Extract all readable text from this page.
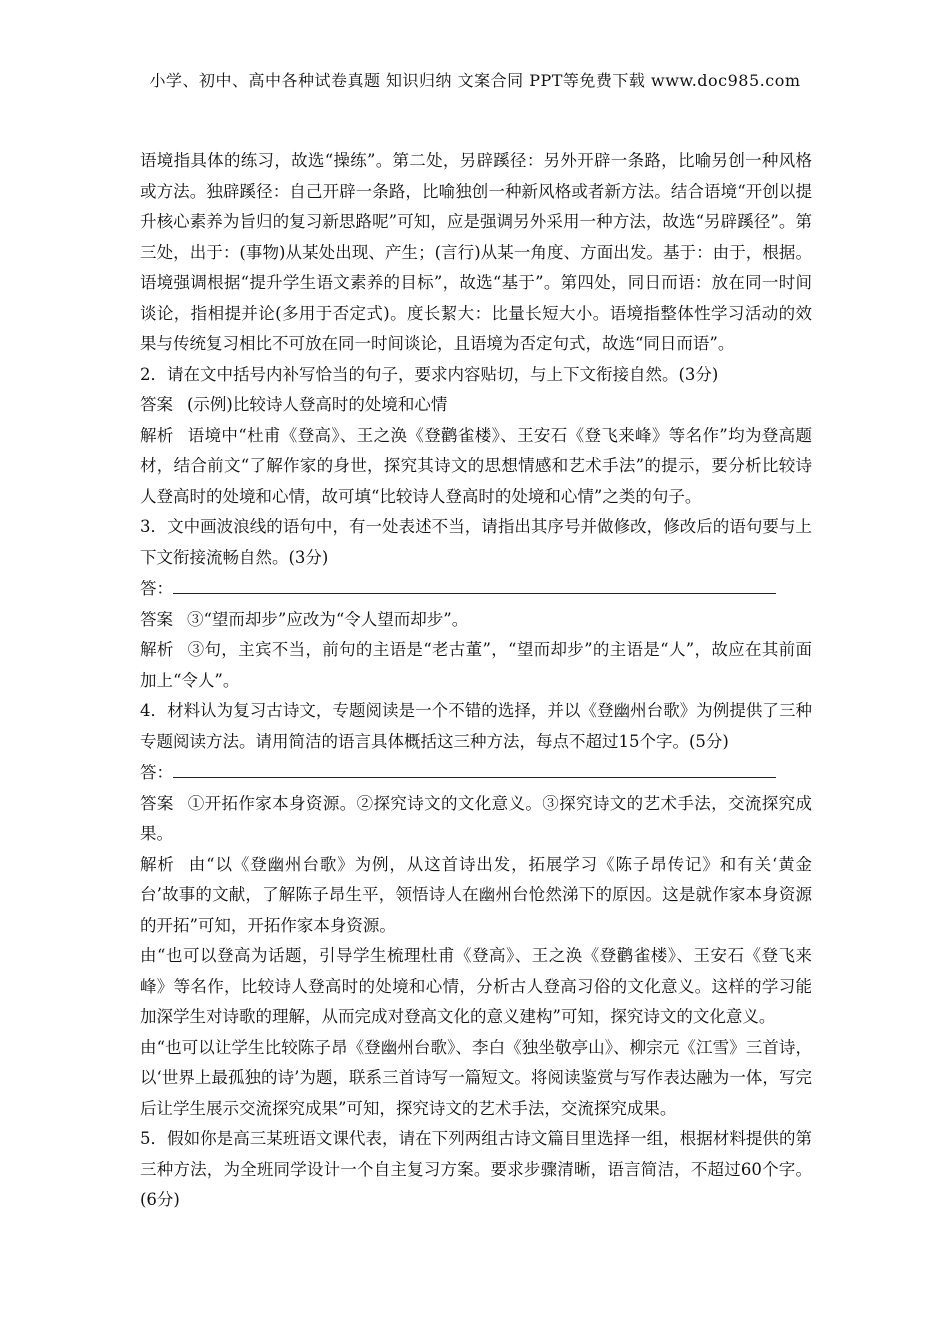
小学、初中、高中各种试卷真题 知识归纳 文案合同 PPT等免费下载 www.doc985.com

语境指具体的练习，故选“操练”。第二处，另辟蹊径：另外开辟一条路，比喻另创一种风格或方法。独辟蹊径：自己开辟一条路，比喻独创一种新风格或者新方法。结合语境“开创以提升核心素养为旨归的复习新思路呢”可知，应是强调另外采用一种方法，故选“另辟蹊径”。第三处，出于：(事物)从某处出现、产生；(言行)从某一角度、方面出发。基于：由于，根据。语境强调根据“提升学生语文素养的目标”，故选“基于”。第四处，同日而语：放在同一时间谈论，指相提并论(多用于否定式)。度长絜大：比量长短大小。语境指整体性学习活动的效果与传统复习相比不可放在同一时间谈论，且语境为否定句式，故选“同日而语”。

2．请在文中括号内补写恰当的句子，要求内容贴切，与上下文衔接自然。(3分)

答案 (示例)比较诗人登高时的处境和心情

解析 语境中“杜甫《登高》、王之涣《登鹳雀楼》、王安石《登飞来峰》等名作”均为登高题材，结合前文“了解作家的身世，探究其诗文的思想情感和艺术手法”的提示，要分析比较诗人登高时的处境和心情，故可填“比较诗人登高时的处境和心情”之类的句子。

3．文中画波浪线的语句中，有一处表述不当，请指出其序号并做修改，修改后的语句要与上下文衔接流畅自然。(3分)

答：

答案 ③“望而却步”应改为“令人望而却步”。

解析 ③句，主宾不当，前句的主语是“老古董”，“望而却步”的主语是“人”，故应在其前面加上“令人”。

4．材料认为复习古诗文，专题阅读是一个不错的选择，并以《登幽州台歌》为例提供了三种专题阅读方法。请用简洁的语言具体概括这三种方法，每点不超过15个字。(5分)

答：

答案 ①开拓作家本身资源。②探究诗文的文化意义。③探究诗文的艺术手法，交流探究成果。

解析 由“以《登幽州台歌》为例，从这首诗出发，拓展学习《陈子昂传记》和有关‘黄金台’故事的文献，了解陈子昂生平，领悟诗人在幽州台怆然涕下的原因。这是就作家本身资源的开拓”可知，开拓作家本身资源。

由“也可以登高为话题，引导学生梳理杜甫《登高》、王之涣《登鹳雀楼》、王安石《登飞来峰》等名作，比较诗人登高时的处境和心情，分析古人登高习俗的文化意义。这样的学习能加深学生对诗歌的理解，从而完成对登高文化的意义建构”可知，探究诗文的文化意义。

由“也可以让学生比较陈子昂《登幽州台歌》、李白《独坐敬亭山》、柳宗元《江雪》三首诗，以‘世界上最孤独的诗’为题，联系三首诗写一篇短文。将阅读鉴赏与写作表达融为一体，写完后让学生展示交流探究成果”可知，探究诗文的艺术手法，交流探究成果。

5．假如你是高三某班语文课代表，请在下列两组古诗文篇目里选择一组，根据材料提供的第三种方法，为全班同学设计一个自主复习方案。要求步骤清晰，语言简洁，不超过60个字。(6分)
